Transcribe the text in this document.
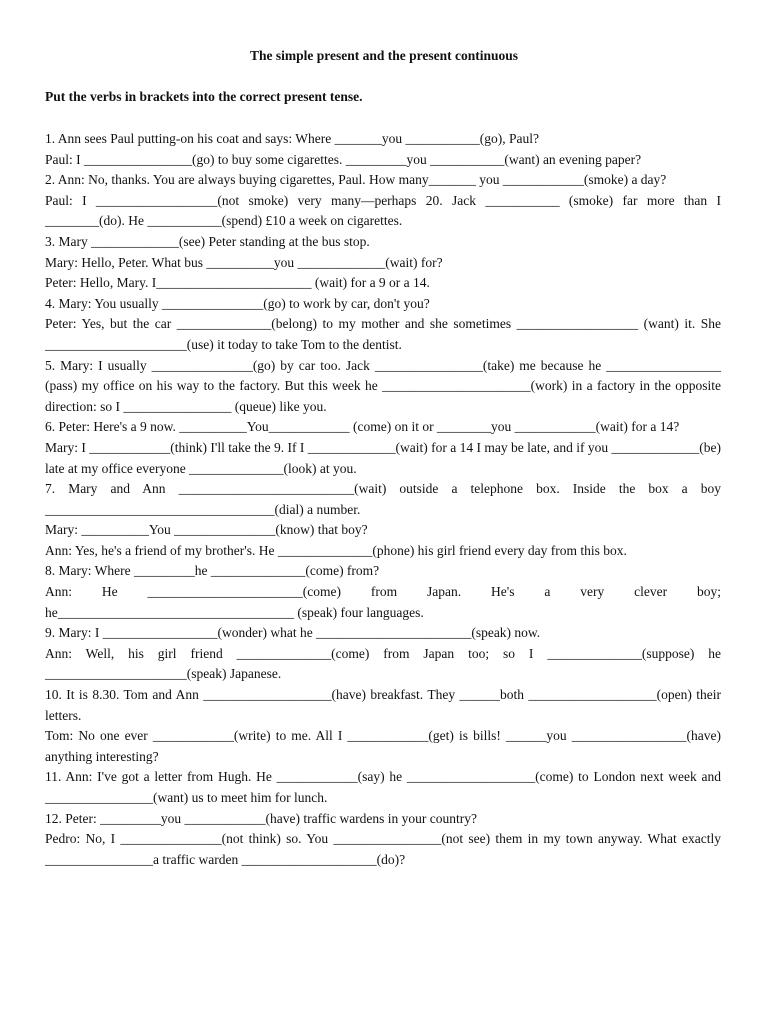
The simple present and the present continuous

Put the verbs in brackets into the correct present tense.

1. Ann sees Paul putting-on his coat and says: Where _______you ___________(go), Paul?

Paul: I ________________(go) to buy some cigarettes. _________you ___________(want) an evening paper?

2. Ann: No, thanks. You are always buying cigarettes, Paul. How many_______ you ____________(smoke) a day?

Paul: I __________________(not smoke) very many—perhaps 20. Jack ___________ (smoke) far more than I ________(do). He ___________(spend) £10 a week on cigarettes.

3. Mary _____________(see) Peter standing at the bus stop.

Mary: Hello, Peter. What bus __________you _____________(wait) for?

Peter: Hello, Mary. I_______________________ (wait) for a 9 or a 14.

4. Mary: You usually _______________(go) to work by car, don't you?

Peter: Yes, but the car ______________(belong) to my mother and she sometimes __________________ (want) it. She _____________________(use) it today to take Tom to the dentist.

5. Mary: I usually _______________(go) by car too. Jack ________________(take) me because he _________________ (pass) my office on his way to the factory. But this week he ______________________(work) in a factory in the opposite direction: so I ________________ (queue) like you.

6. Peter: Here's a 9 now. __________You____________ (come) on it or ________you ____________(wait) for a 14?

Mary: I ____________(think) I'll take the 9. If I _____________(wait) for a 14 I may be late, and if you _____________(be) late at my office everyone ______________(look) at you.

7. Mary and Ann __________________________(wait) outside a telephone box. Inside the box a boy __________________________________(dial) a number.

Mary: __________You _______________(know) that boy?

Ann: Yes, he's a friend of my brother's. He ______________(phone) his girl friend every day from this box.

8. Mary: Where _________he ______________(come) from?

Ann: He _______________________(come) from Japan. He's a very clever boy; he___________________________________ (speak) four languages.

9. Mary: I _________________(wonder) what he _______________________(speak) now.

Ann: Well, his girl friend ______________(come) from Japan too; so I ______________(suppose) he _____________________(speak) Japanese.

10. It is 8.30. Tom and Ann ___________________(have) breakfast. They ______both ___________________(open) their letters.

Tom: No one ever ____________(write) to me. All I ____________(get) is bills! ______you _________________(have) anything interesting?

11. Ann: I've got a letter from Hugh. He ____________(say) he ___________________(come) to London next week and ________________(want) us to meet him for lunch.

12. Peter: _________you ____________(have) traffic wardens in your country?

Pedro: No, I _______________(not think) so. You ________________(not see) them in my town anyway. What exactly ________________a traffic warden ____________________(do)?
